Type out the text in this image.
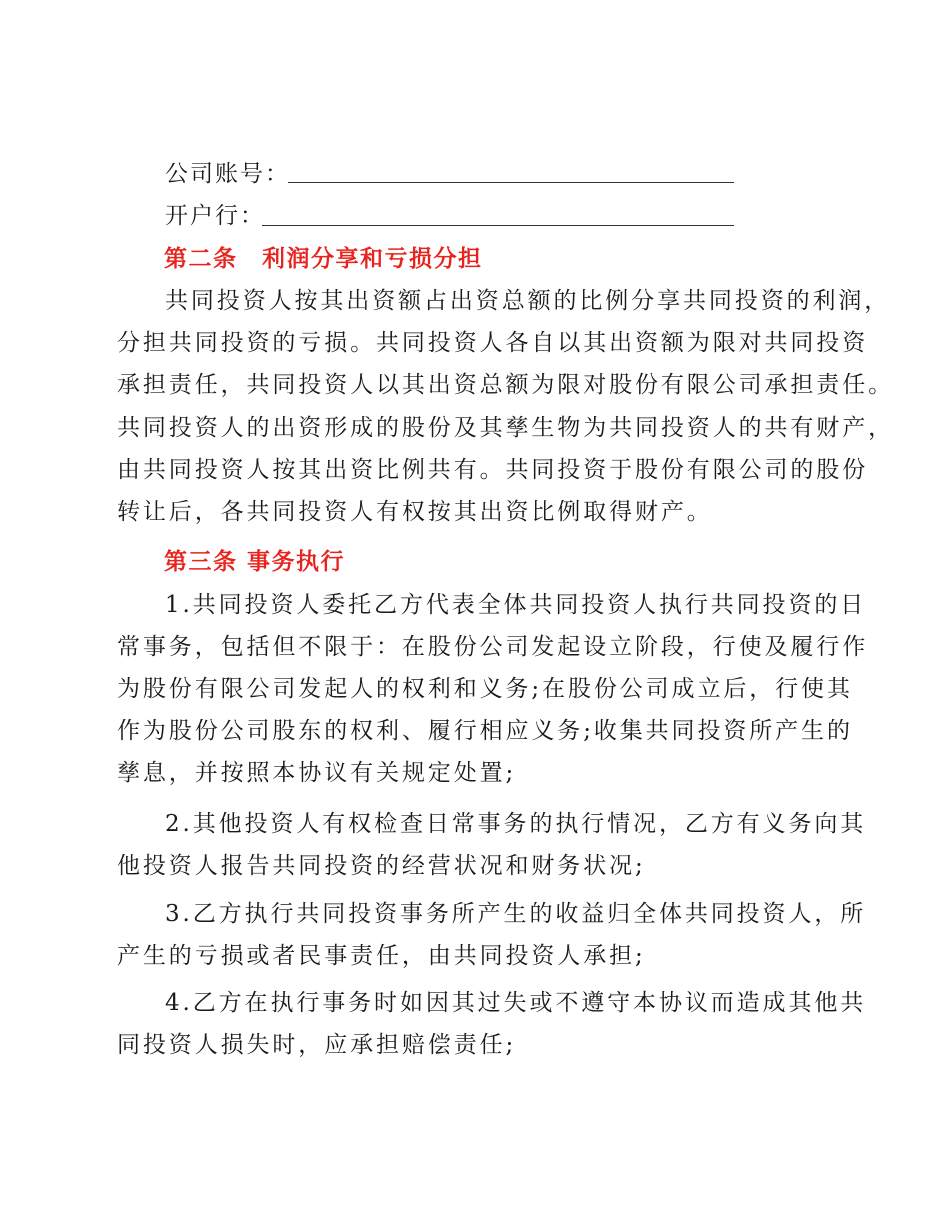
公司账号：
开户行：
第二条　利润分享和亏损分担
共同投资人按其出资额占出资总额的比例分享共同投资的利润，
分担共同投资的亏损。共同投资人各自以其出资额为限对共同投资
承担责任，共同投资人以其出资总额为限对股份有限公司承担责任。
共同投资人的出资形成的股份及其孳生物为共同投资人的共有财产，
由共同投资人按其出资比例共有。共同投资于股份有限公司的股份
转让后，各共同投资人有权按其出资比例取得财产。
第三条 事务执行
1.共同投资人委托乙方代表全体共同投资人执行共同投资的日
常事务，包括但不限于：在股份公司发起设立阶段，行使及履行作
为股份有限公司发起人的权利和义务;在股份公司成立后，行使其
作为股份公司股东的权利、履行相应义务;收集共同投资所产生的
孳息，并按照本协议有关规定处置;
2.其他投资人有权检查日常事务的执行情况，乙方有义务向其
他投资人报告共同投资的经营状况和财务状况;
3.乙方执行共同投资事务所产生的收益归全体共同投资人，所
产生的亏损或者民事责任，由共同投资人承担;
4.乙方在执行事务时如因其过失或不遵守本协议而造成其他共
同投资人损失时，应承担赔偿责任;
